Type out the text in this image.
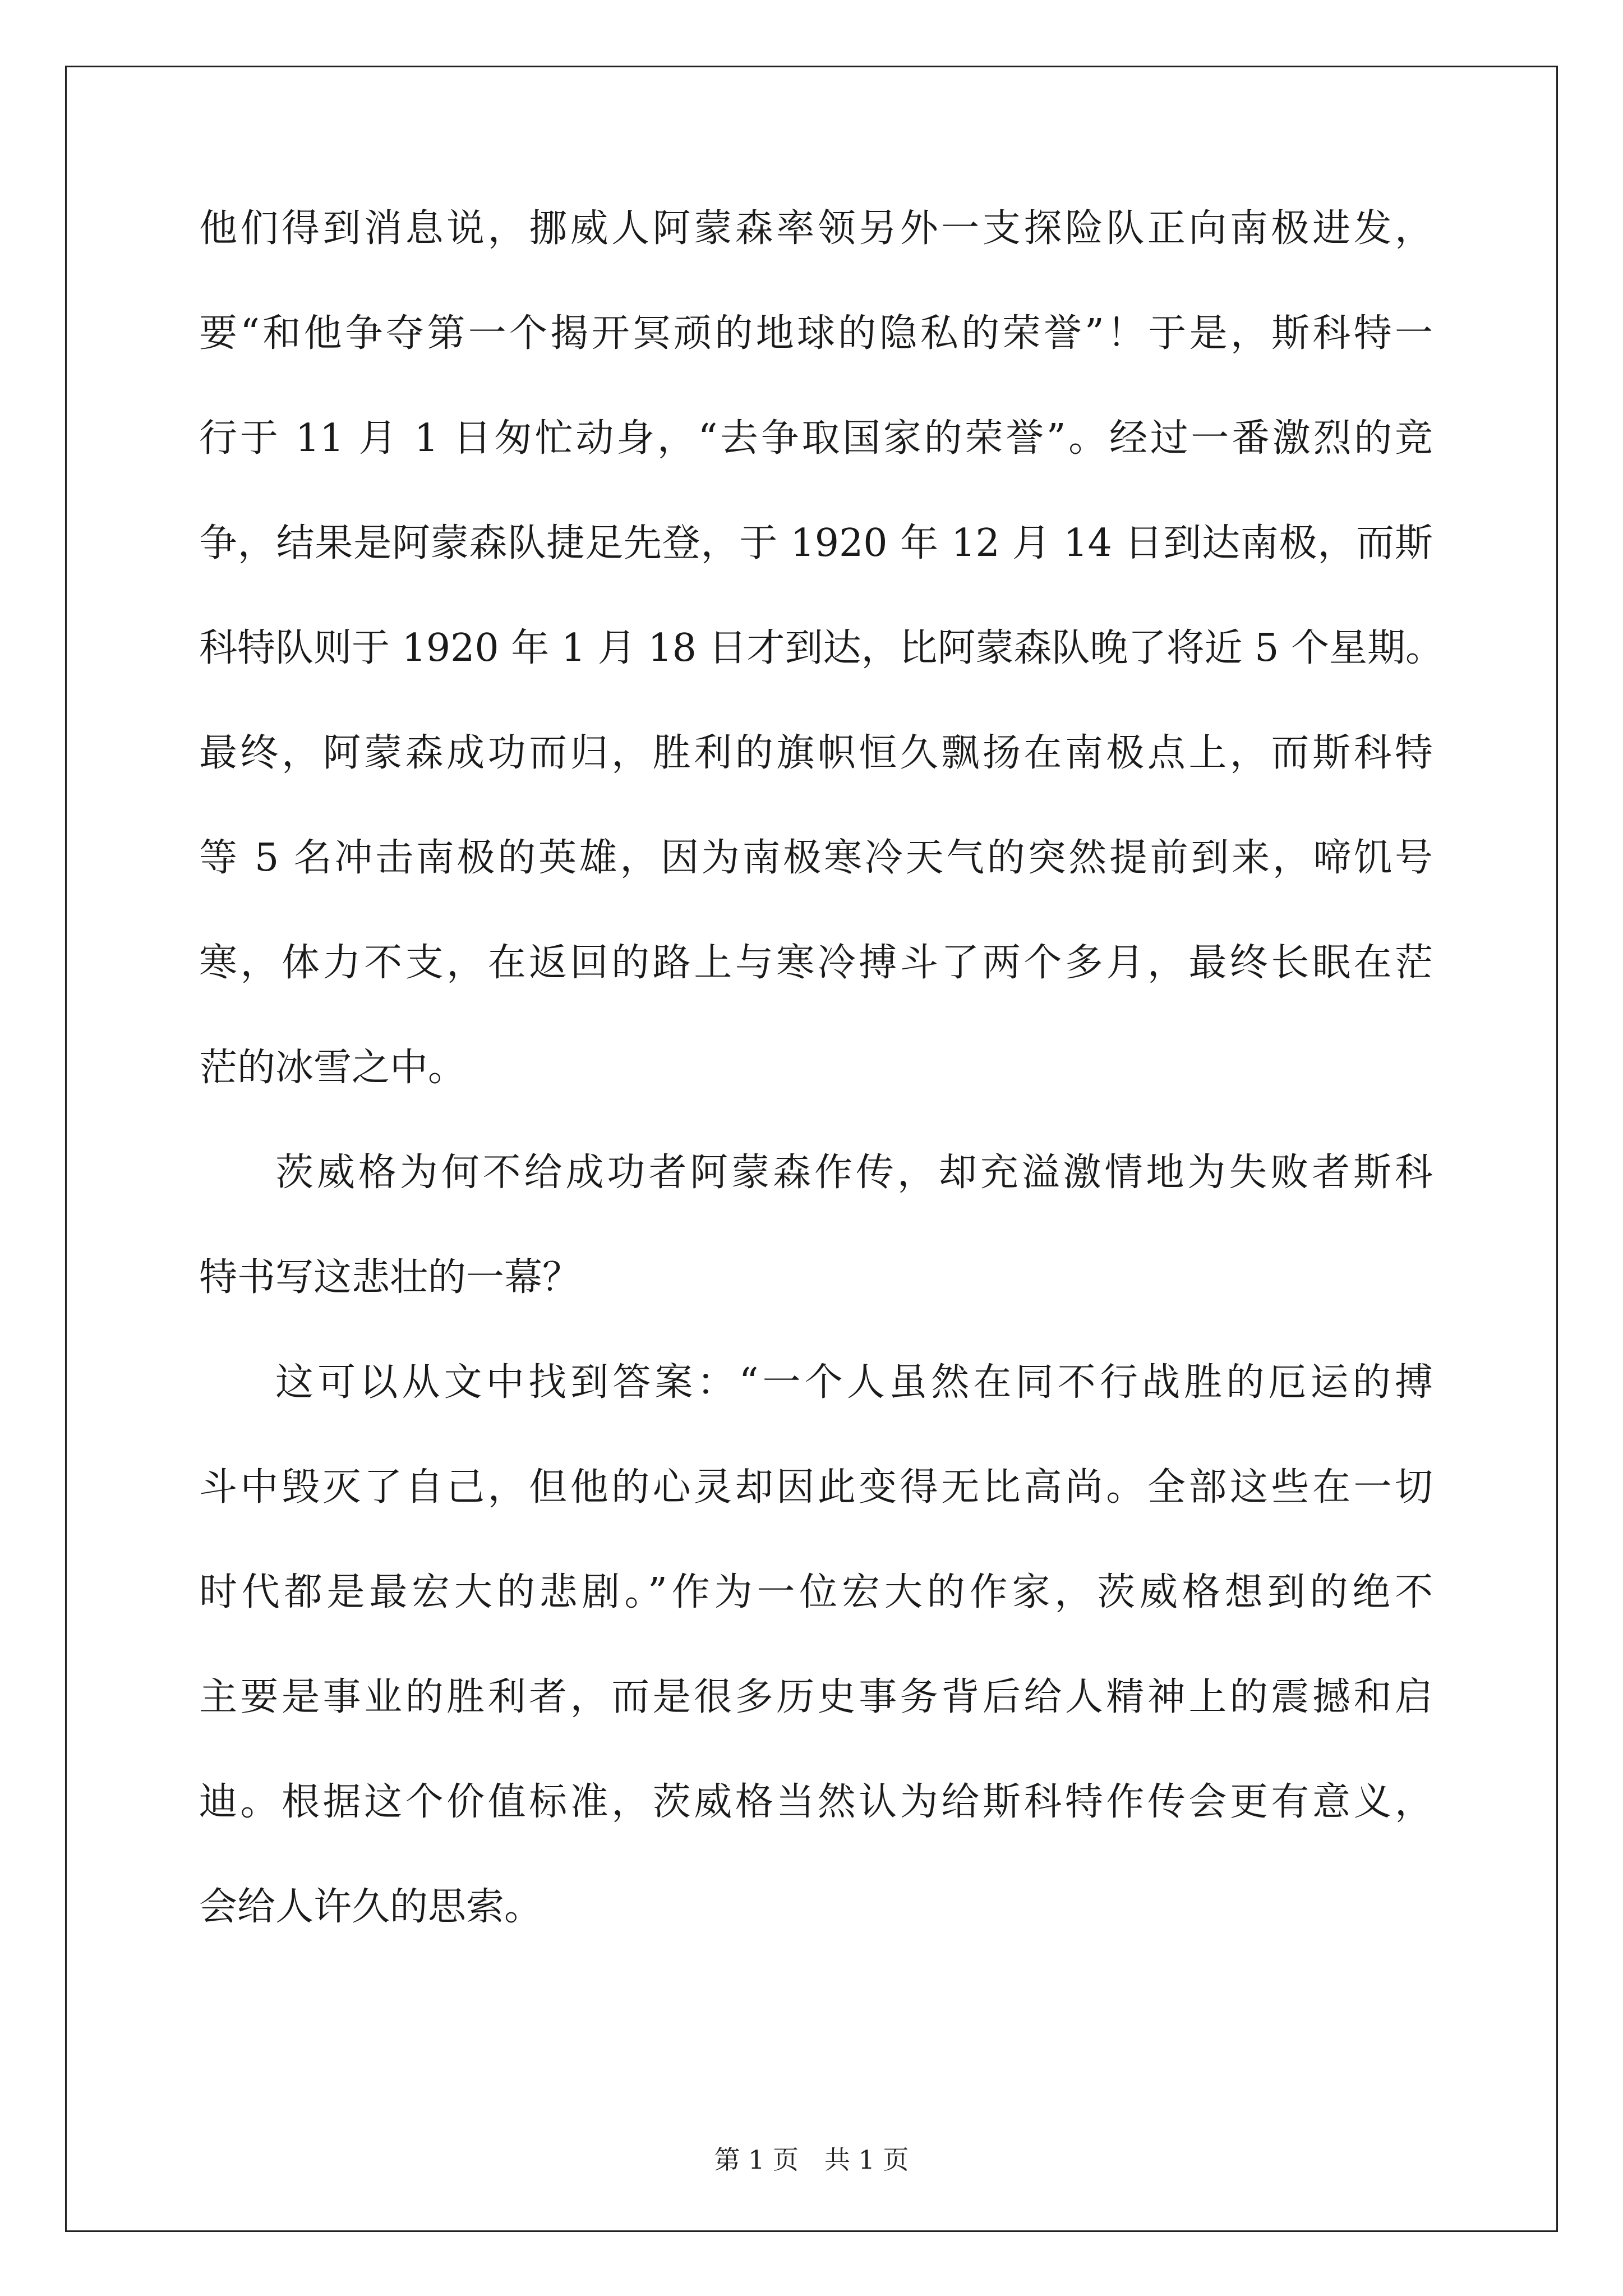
他们得到消息说，挪威人阿蒙森率领另外一支探险队正向南极进发，
要“和他争夺第一个揭开冥顽的地球的隐私的荣誉”！于是，斯科特一
行于 11 月 1 日匆忙动身，“去争取国家的荣誉”。经过一番激烈的竞
争，结果是阿蒙森队捷足先登，于 1920 年 12 月 14 日到达南极，而斯
科特队则于 1920 年 1 月 18 日才到达，比阿蒙森队晚了将近 5 个星期。
最终，阿蒙森成功而归，胜利的旗帜恒久飘扬在南极点上，而斯科特
等 5 名冲击南极的英雄，因为南极寒冷天气的突然提前到来，啼饥号
寒，体力不支，在返回的路上与寒冷搏斗了两个多月，最终长眠在茫
茫的冰雪之中。
茨威格为何不给成功者阿蒙森作传，却充溢激情地为失败者斯科
特书写这悲壮的一幕？
这可以从文中找到答案：“一个人虽然在同不行战胜的厄运的搏
斗中毁灭了自己，但他的心灵却因此变得无比高尚。全部这些在一切
时代都是最宏大的悲剧。”作为一位宏大的作家，茨威格想到的绝不
主要是事业的胜利者，而是很多历史事务背后给人精神上的震撼和启
迪。根据这个价值标准，茨威格当然认为给斯科特作传会更有意义，
会给人许久的思索。
第 1 页　共 1 页
